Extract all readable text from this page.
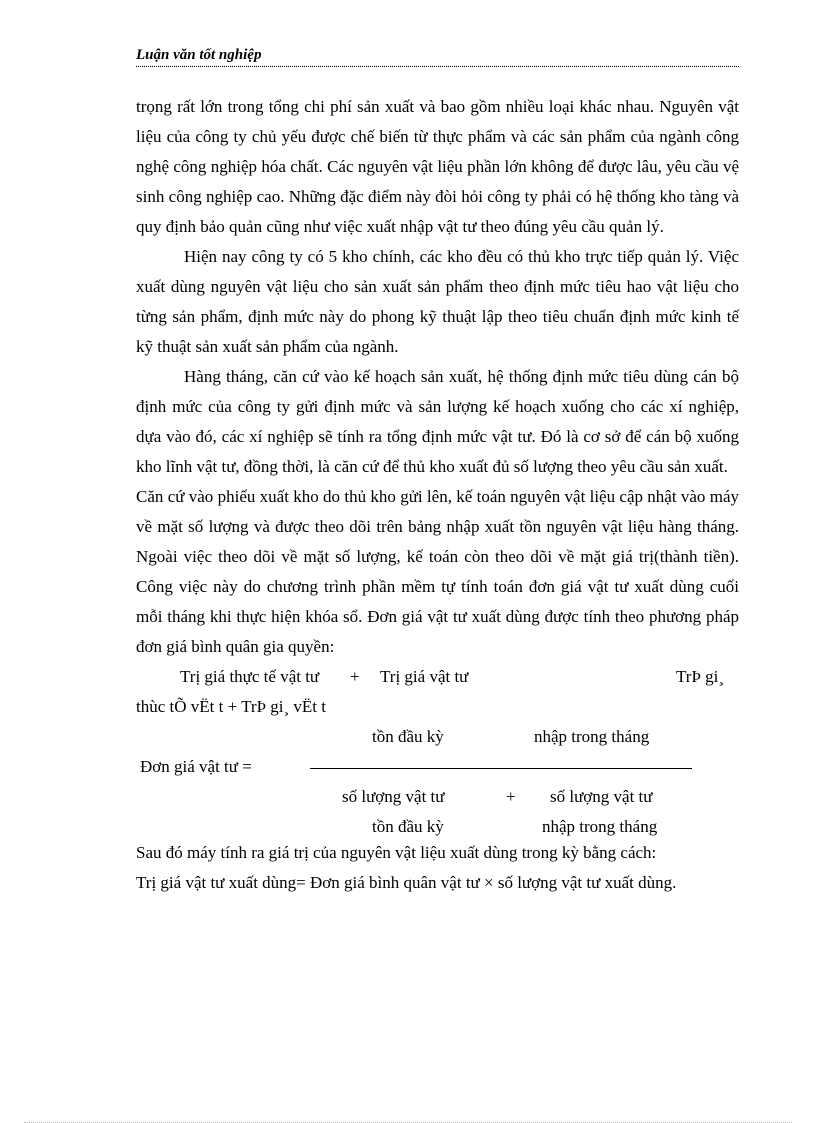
Luận văn tốt nghiệp

trọng rất lớn trong tổng chi phí sản xuất và bao gồm nhiều loại khác nhau. Nguyên vật liệu của công ty chủ yếu được chế biến từ thực phẩm và các sản phẩm của ngành công nghệ công nghiệp hóa chất. Các nguyên vật liệu phần lớn không để được lâu, yêu cầu vệ sinh công nghiệp cao. Những đặc điểm này đòi hỏi công ty phải có hệ thống kho tàng và quy định bảo quản cũng như việc xuất nhập vật tư theo đúng yêu cầu quản lý.

Hiện nay công ty có 5 kho chính, các kho đều có thủ kho trực tiếp quản lý. Việc xuất dùng nguyên vật liệu cho sản xuất sản phẩm theo định mức tiêu hao vật liệu cho từng sản phẩm, định mức này do phong kỹ thuật lập theo tiêu chuẩn định mức kinh tế kỹ thuật sản xuất sản phẩm của ngành.

Hàng tháng, căn cứ vào kế hoạch sản xuất, hệ thống định mức tiêu dùng cán bộ định mức của công ty gửi định mức và sản lượng kế hoạch xuống cho các xí nghiệp, dựa vào đó, các xí nghiệp sẽ tính ra tổng định mức vật tư. Đó là cơ sở để cán bộ xuống kho lĩnh vật tư, đồng thời, là căn cứ để thủ kho xuất đủ số lượng theo yêu cầu sản xuất.

Căn cứ vào phiếu xuất kho do thủ kho gửi lên, kế toán nguyên vật liệu cập nhật vào máy về mặt số lượng và được theo dõi trên bảng nhập xuất tồn nguyên vật liệu hàng tháng. Ngoài việc theo dõi về mặt số lượng, kế toán còn theo dõi về mặt giá trị(thành tiền). Công việc này do chương trình phần mềm tự tính toán đơn giá vật tư xuất dùng cuối mỗi tháng khi thực hiện khóa sổ. Đơn giá vật tư xuất dùng được tính theo phương pháp đơn giá bình quân gia quyền:

Trị giá thực tế vật tư + Trị giá vật tư	TrÞ gi¸
thùc tÕ vËt t + TrÞ gi¸ vËt t
tồn đầu kỳ	nhập trong tháng
Đơn giá vật tư =
số lượng vật tư	+ số lượng vật tư
tồn đầu kỳ	nhập trong tháng

Sau đó máy tính ra giá trị của nguyên vật liệu xuất dùng trong kỳ bằng cách:

Trị giá vật tư xuất dùng= Đơn giá bình quân vật tư × số lượng vật tư xuất dùng.
